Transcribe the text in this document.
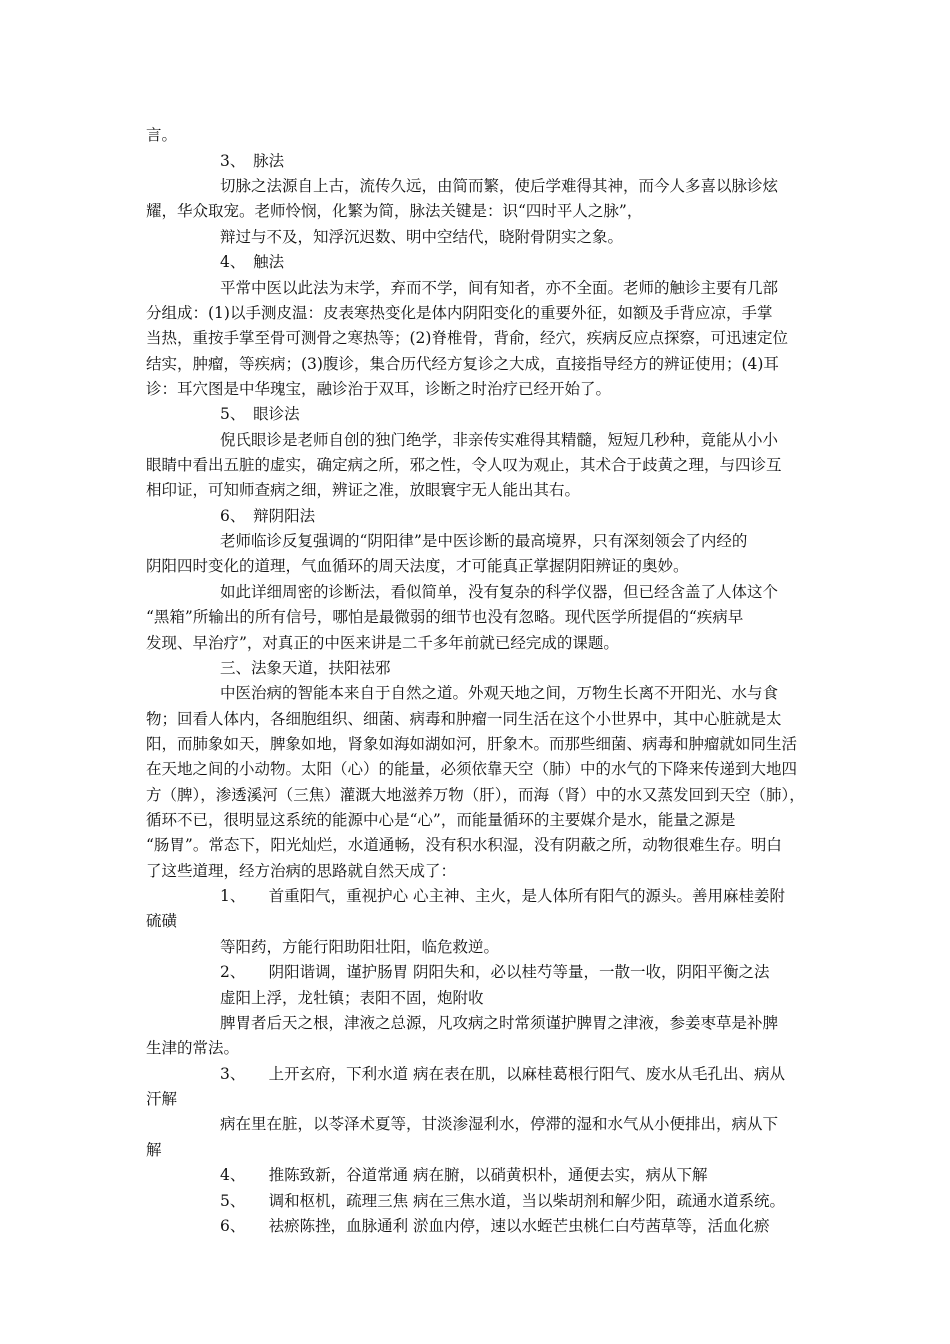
言。
3、　脉法
切脉之法源自上古，流传久远，由简而繁，使后学难得其神，而今人多喜以脉诊炫
耀，华众取宠。老师怜悯，化繁为简，脉法关键是：识“四时平人之脉”，
辩过与不及，知浮沉迟数、明中空结代，晓附骨阴实之象。
4、　触法
平常中医以此法为末学，弃而不学，间有知者，亦不全面。老师的触诊主要有几部
分组成：(1)以手测皮温：皮表寒热变化是体内阴阳变化的重要外征，如额及手背应凉，手掌
当热，重按手掌至骨可测骨之寒热等；(2)脊椎骨，背俞，经穴，疾病反应点探察，可迅速定位
结实，肿瘤，等疾病；(3)腹诊，集合历代经方复诊之大成，直接指导经方的辨证使用；(4)耳
诊：耳穴图是中华瑰宝，融诊治于双耳，诊断之时治疗已经开始了。
5、　眼诊法
倪氏眼诊是老师自创的独门绝学，非亲传实难得其精髓，短短几秒种，竟能从小小
眼睛中看出五脏的虚实，确定病之所，邪之性，令人叹为观止，其术合于歧黄之理，与四诊互
相印证，可知师查病之细，辨证之准，放眼寰宇无人能出其右。
6、　辩阴阳法
老师临诊反复强调的“阴阳律”是中医诊断的最高境界，只有深刻领会了内经的
阴阳四时变化的道理，气血循环的周天法度，才可能真正掌握阴阳辨证的奥妙。
如此详细周密的诊断法，看似简单，没有复杂的科学仪器，但已经含盖了人体这个
“黑箱”所输出的所有信号，哪怕是最微弱的细节也没有忽略。现代医学所提倡的“疾病早
发现、早治疗”，对真正的中医来讲是二千多年前就已经完成的课题。
三、法象天道，扶阳祛邪
中医治病的智能本来自于自然之道。外观天地之间，万物生长离不开阳光、水与食
物；回看人体内，各细胞组织、细菌、病毒和肿瘤一同生活在这个小世界中，其中心脏就是太
阳，而肺象如天，脾象如地，肾象如海如湖如河，肝象木。而那些细菌、病毒和肿瘤就如同生活
在天地之间的小动物。太阳（心）的能量，必须依靠天空（肺）中的水气的下降来传递到大地四
方（脾），渗透溪河（三焦）灌溉大地滋养万物（肝），而海（肾）中的水又蒸发回到天空（肺），
循环不已，很明显这系统的能源中心是“心”，而能量循环的主要媒介是水，能量之源是
“肠胃”。常态下，阳光灿烂，水道通畅，没有积水积湿，没有阴蔽之所，动物很难生存。明白
了这些道理，经方治病的思路就自然天成了：
1、　　首重阳气，重视护心 心主神、主火，是人体所有阳气的源头。善用麻桂姜附
硫磺
等阳药，方能行阳助阳壮阳，临危救逆。
2、　　阴阳谐调，谨护肠胃 阴阳失和，必以桂芍等量，一散一收，阴阳平衡之法
虚阳上浮，龙牡镇；表阳不固，炮附收
脾胃者后天之根，津液之总源，凡攻病之时常须谨护脾胃之津液，参姜枣草是补脾
生津的常法。
3、　　上开玄府，下利水道 病在表在肌，以麻桂葛根行阳气、废水从毛孔出、病从
汗解
病在里在脏，以苓泽术夏等，甘淡渗湿利水，停滞的湿和水气从小便排出，病从下
解
4、　　推陈致新，谷道常通 病在腑，以硝黄枳朴，通便去实，病从下解
5、　　调和枢机，疏理三焦 病在三焦水道，当以柴胡剂和解少阳，疏通水道系统。
6、　　祛瘀陈挫，血脉通利 淤血内停，速以水蛭芒虫桃仁白芍茜草等，活血化瘀
